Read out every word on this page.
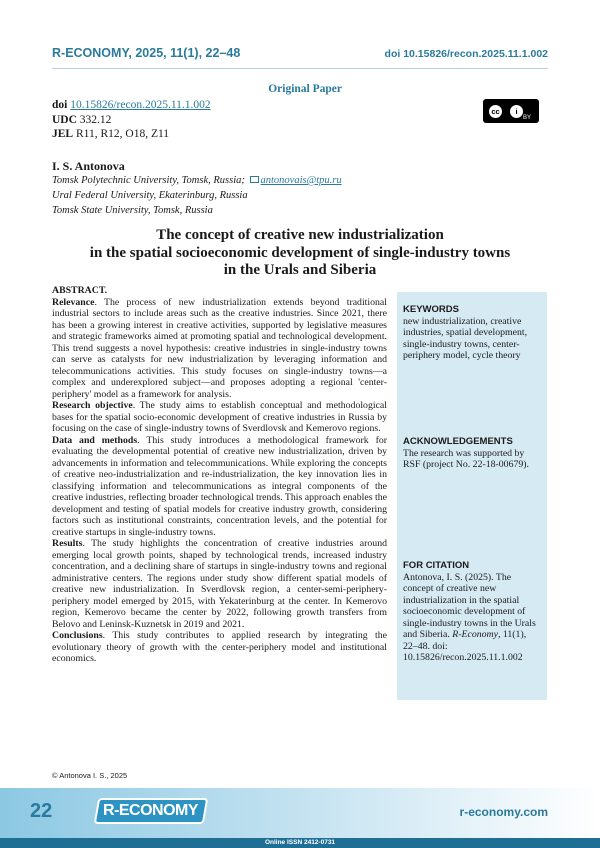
R-ECONOMY, 2025, 11(1), 22–48	doi 10.15826/recon.2025.11.1.002
Original Paper
doi 10.15826/recon.2025.11.1.002
UDC 332.12
JEL R11, R12, O18, Z11
cc	i
BY
I. S. Antonova
Tomsk Polytechnic University, Tomsk, Russia; antonovais@tpu.ru
Ural Federal University, Ekaterinburg, Russia
Tomsk State University, Tomsk, Russia
The concept of creative new industrialization
in the spatial socioeconomic development of single-industry towns
in the Urals and Siberia

ABSTRACT.

Relevance. The process of new industrialization extends beyond traditional industrial sectors to include areas such as the creative industries. Since 2021, there has been a growing interest in creative activities, supported by legislative measures and strategic frameworks aimed at promoting spatial and technological development. This trend suggests a novel hypothesis: creative industries in single-industry towns can serve as catalysts for new industrialization by leveraging information and telecommunications activities. This study focuses on single-industry towns—a complex and underexplored subject—and proposes adopting a regional 'center-periphery' model as a framework for analysis.

Research objective. The study aims to establish conceptual and methodological bases for the spatial socio-economic development of creative industries in Russia by focusing on the case of single-industry towns of Sverdlovsk and Kemerovo regions.

Data and methods. This study introduces a methodological framework for evaluating the developmental potential of creative new industrialization, driven by advancements in information and telecommunications. While exploring the concepts of creative neo-industrialization and re-industrialization, the key innovation lies in classifying information and telecommunications as integral components of the creative industries, reflecting broader technological trends. This approach enables the development and testing of spatial models for creative industry growth, considering factors such as institutional constraints, concentration levels, and the potential for creative startups in single-industry towns.

Results. The study highlights the concentration of creative industries around emerging local growth points, shaped by technological trends, increased industry concentration, and a declining share of startups in single-industry towns and regional administrative centers. The regions under study show different spatial models of creative new industrialization. In Sverdlovsk region, a center-semi-periphery-periphery model emerged by 2015, with Yekaterinburg at the center. In Kemerovo region, Kemerovo became the center by 2022, following growth transfers from Belovo and Leninsk-Kuznetsk in 2019 and 2021.

Conclusions. This study contributes to applied research by integrating the evolutionary theory of growth with the center-periphery model and institutional economics.

KEYWORDS
new industrialization, creative industries, spatial development, single-industry towns, center-periphery model, cycle theory
ACKNOWLEDGEMENTS
The research was supported by RSF (project No. 22-18-00679).
FOR CITATION
Antonova, I. S. (2025). The concept of creative new industrialization in the spatial socioeconomic development of single-industry towns in the Urals and Siberia. R-Economy, 11(1), 22–48. doi: 10.15826/recon.2025.11.1.002
© Antonova I. S., 2025
22	R-ECONOMY	r-economy.com
Online ISSN 2412-0731
